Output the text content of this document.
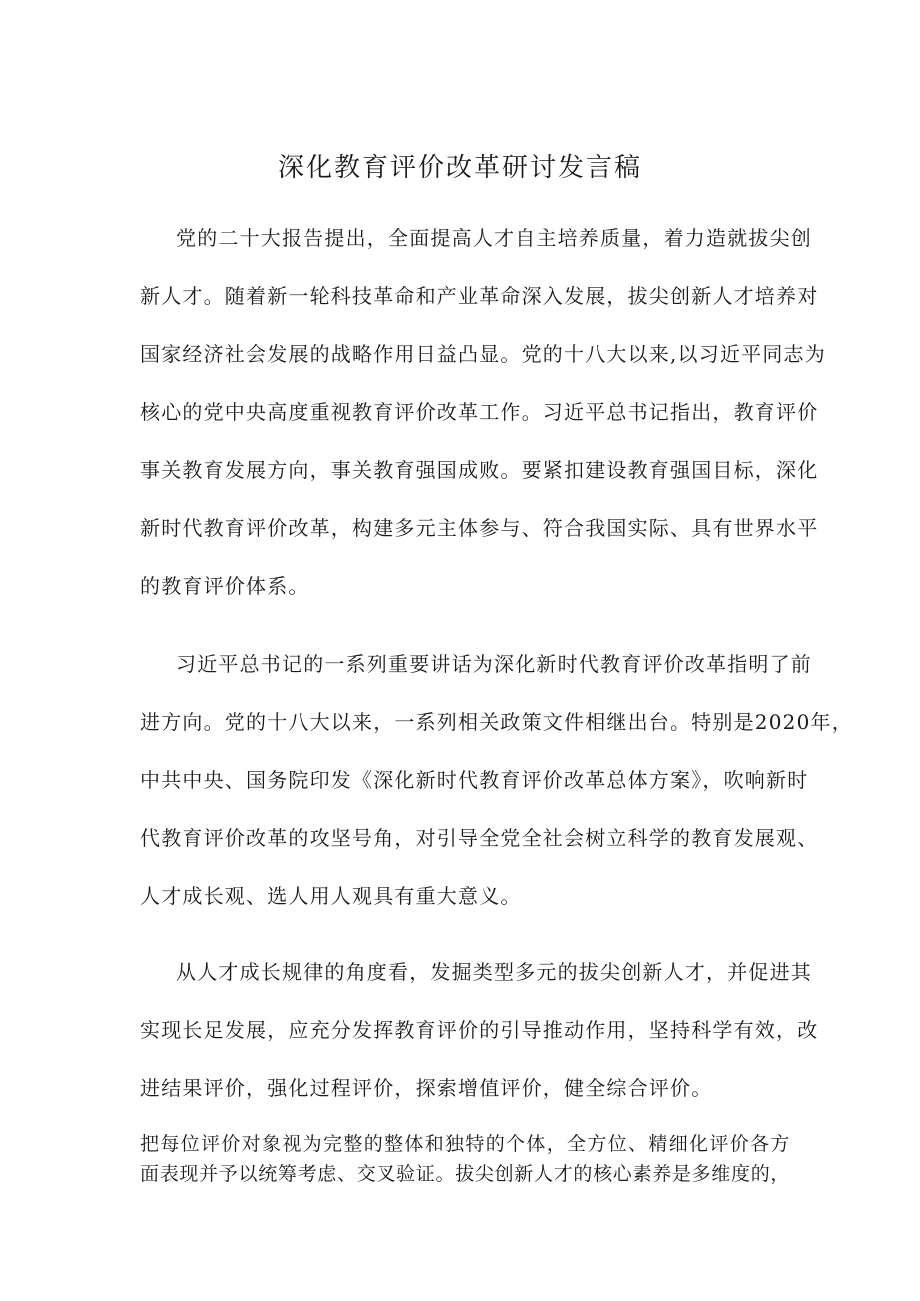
深化教育评价改革研讨发言稿

党的二十大报告提出，全面提高人才自主培养质量，着力造就拔尖创

新人才。随着新一轮科技革命和产业革命深入发展，拔尖创新人才培养对

国家经济社会发展的战略作用日益凸显。党的十八大以来,以习近平同志为

核心的党中央高度重视教育评价改革工作。习近平总书记指出，教育评价

事关教育发展方向，事关教育强国成败。要紧扣建设教育强国目标，深化

新时代教育评价改革，构建多元主体参与、符合我国实际、具有世界水平

的教育评价体系。

习近平总书记的一系列重要讲话为深化新时代教育评价改革指明了前

进方向。党的十八大以来，一系列相关政策文件相继出台。特别是2020年，

中共中央、国务院印发《深化新时代教育评价改革总体方案》，吹响新时

代教育评价改革的攻坚号角，对引导全党全社会树立科学的教育发展观、

人才成长观、选人用人观具有重大意义。

从人才成长规律的角度看，发掘类型多元的拔尖创新人才，并促进其

实现长足发展，应充分发挥教育评价的引导推动作用，坚持科学有效，改

进结果评价，强化过程评价，探索增值评价，健全综合评价。

把每位评价对象视为完整的整体和独特的个体，全方位、精细化评价各方

面表现并予以统筹考虑、交叉验证。拔尖创新人才的核心素养是多维度的，
